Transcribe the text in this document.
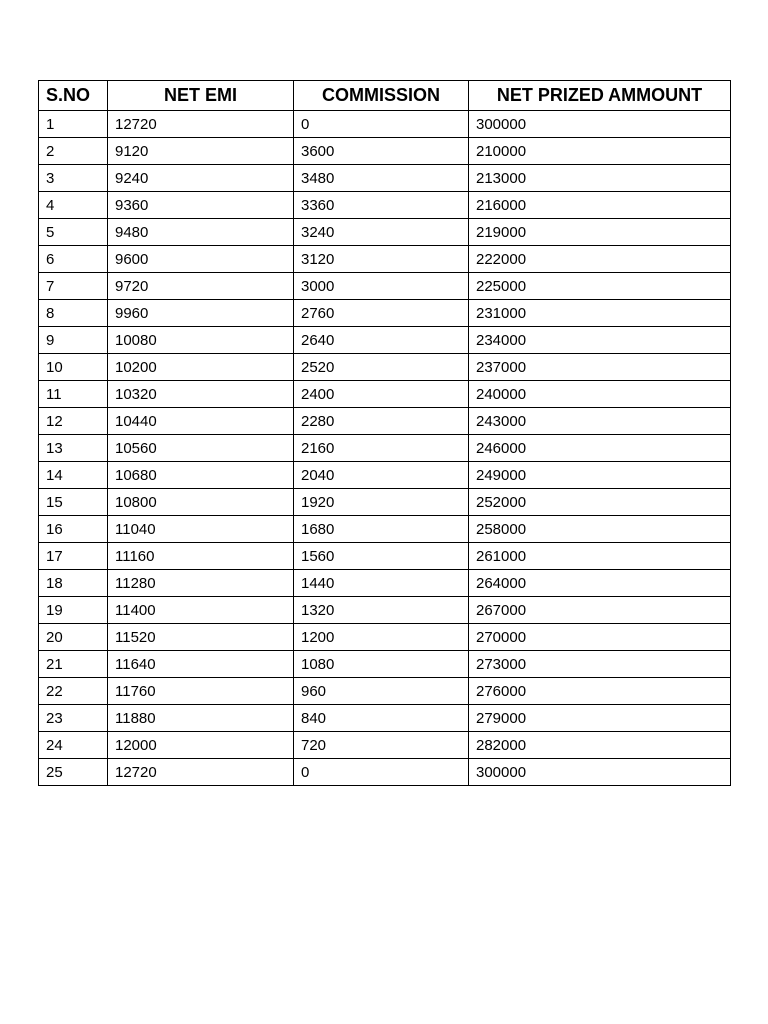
S.NO	NET EMI	COMMISSION	NET PRIZED AMMOUNT
1	12720	0	300000
2	9120	3600	210000
3	9240	3480	213000
4	9360	3360	216000
5	9480	3240	219000
6	9600	3120	222000
7	9720	3000	225000
8	9960	2760	231000
9	10080	2640	234000
10	10200	2520	237000
11	10320	2400	240000
12	10440	2280	243000
13	10560	2160	246000
14	10680	2040	249000
15	10800	1920	252000
16	11040	1680	258000
17	11160	1560	261000
18	11280	1440	264000
19	11400	1320	267000
20	11520	1200	270000
21	11640	1080	273000
22	11760	960	276000
23	11880	840	279000
24	12000	720	282000
25	12720	0	300000
